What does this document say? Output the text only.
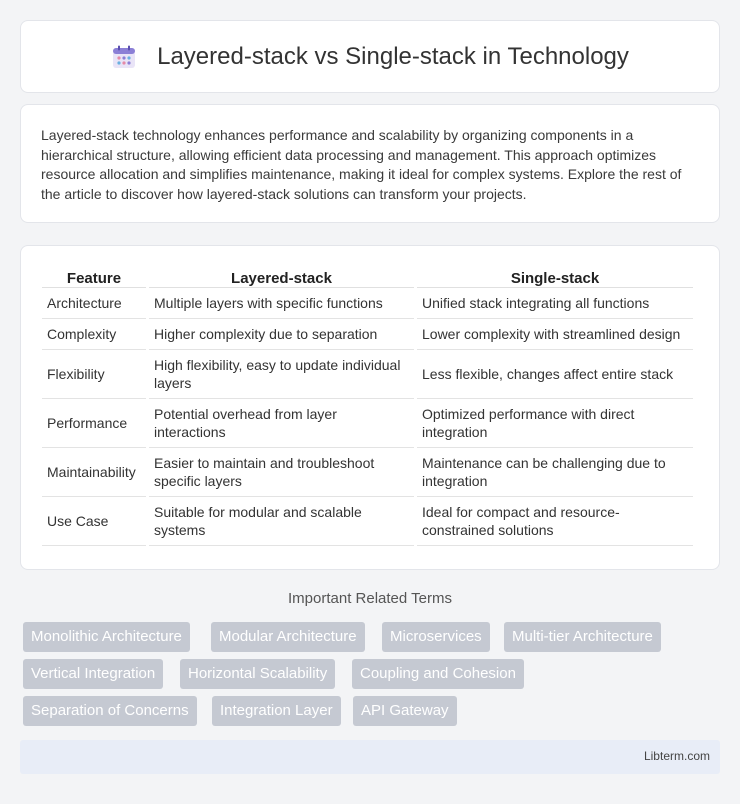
Layered-stack vs Single-stack in Technology

Layered-stack technology enhances performance and scalability by organizing components in a hierarchical structure, allowing efficient data processing and management. This approach optimizes resource allocation and simplifies maintenance, making it ideal for complex systems. Explore the rest of the article to discover how layered-stack solutions can transform your projects.

Feature	Layered-stack	Single-stack
Architecture	Multiple layers with specific functions	Unified stack integrating all functions
Complexity	Higher complexity due to separation	Lower complexity with streamlined design
Flexibility	High flexibility, easy to update individual layers	Less flexible, changes affect entire stack
Performance	Potential overhead from layer interactions	Optimized performance with direct integration
Maintainability	Easier to maintain and troubleshoot specific layers	Maintenance can be challenging due to integration
Use Case	Suitable for modular and scalable systems	Ideal for compact and resource-constrained solutions
Important Related Terms
Monolithic Architecture	Modular Architecture	Microservices	Multi-tier Architecture
Vertical Integration	Horizontal Scalability	Coupling and Cohesion
Separation of Concerns	Integration Layer	API Gateway
Libterm.com
